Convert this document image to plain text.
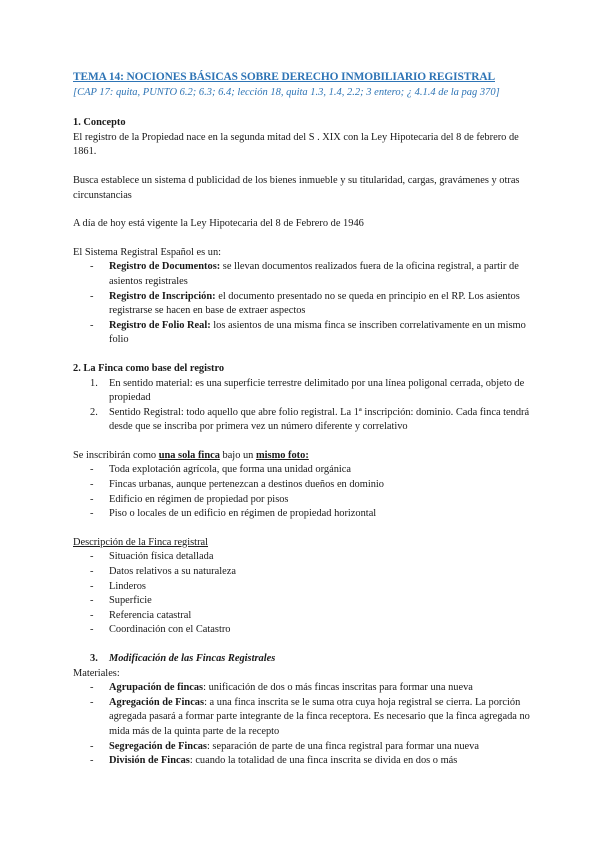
TEMA 14: NOCIONES BÁSICAS SOBRE DERECHO INMOBILIARIO REGISTRAL
[CAP 17: quita, PUNTO 6.2; 6.3; 6.4; lección 18, quita 1.3, 1.4, 2.2; 3 entero; ¿ 4.1.4 de la pag 370]
1. Concepto

El registro de la Propiedad nace en la segunda mitad del S . XIX con la Ley Hipotecaria del 8 de febrero de 1861.

Busca establece un sistema d publicidad de los bienes inmueble y su titularidad, cargas, gravámenes y otras circunstancias

A día de hoy está vigente la Ley Hipotecaria del 8 de Febrero de 1946

El Sistema Registral Español es un:

- Registro de Documentos: se llevan documentos realizados fuera de la oficina registral, a partir de asientos registrales
- Registro de Inscripción: el documento presentado no se queda en principio en el RP. Los asientos registrarse se hacen en base de extraer aspectos
- Registro de Folio Real: los asientos de una misma finca se inscriben correlativamente en un mismo folio
2. La Finca como base del registro
1. En sentido material: es una superficie terrestre delimitado por una línea poligonal cerrada, objeto de propiedad
2. Sentido Registral: todo aquello que abre folio registral. La 1ª inscripción: dominio. Cada finca tendrá desde que se inscriba por primera vez un número diferente y correlativo

Se inscribirán como una sola finca bajo un mismo foto:

- Toda explotación agrícola, que forma una unidad orgánica
- Fincas urbanas, aunque pertenezcan a destinos dueños en dominio
- Edificio en régimen de propiedad por pisos
- Piso o locales de un edificio en régimen de propiedad horizontal

Descripción de la Finca registral

- Situación física detallada
- Datos relativos a su naturaleza
- Linderos
- Superficie
- Referencia catastral
- Coordinación con el Catastro
3. Modificación de las Fincas Registrales

Materiales:

- Agrupación de fincas: unificación de dos o más fincas inscritas para formar una nueva
- Agregación de Fincas: a una finca inscrita se le suma otra cuya hoja registral se cierra. La porción agregada pasará a formar parte integrante de la finca receptora. Es necesario que la finca agregada no mida más de la quinta parte de la recepto
- Segregación de Fincas: separación de parte de una finca registral para formar una nueva
- División de Fincas: cuando la totalidad de una finca inscrita se divida en dos o más
